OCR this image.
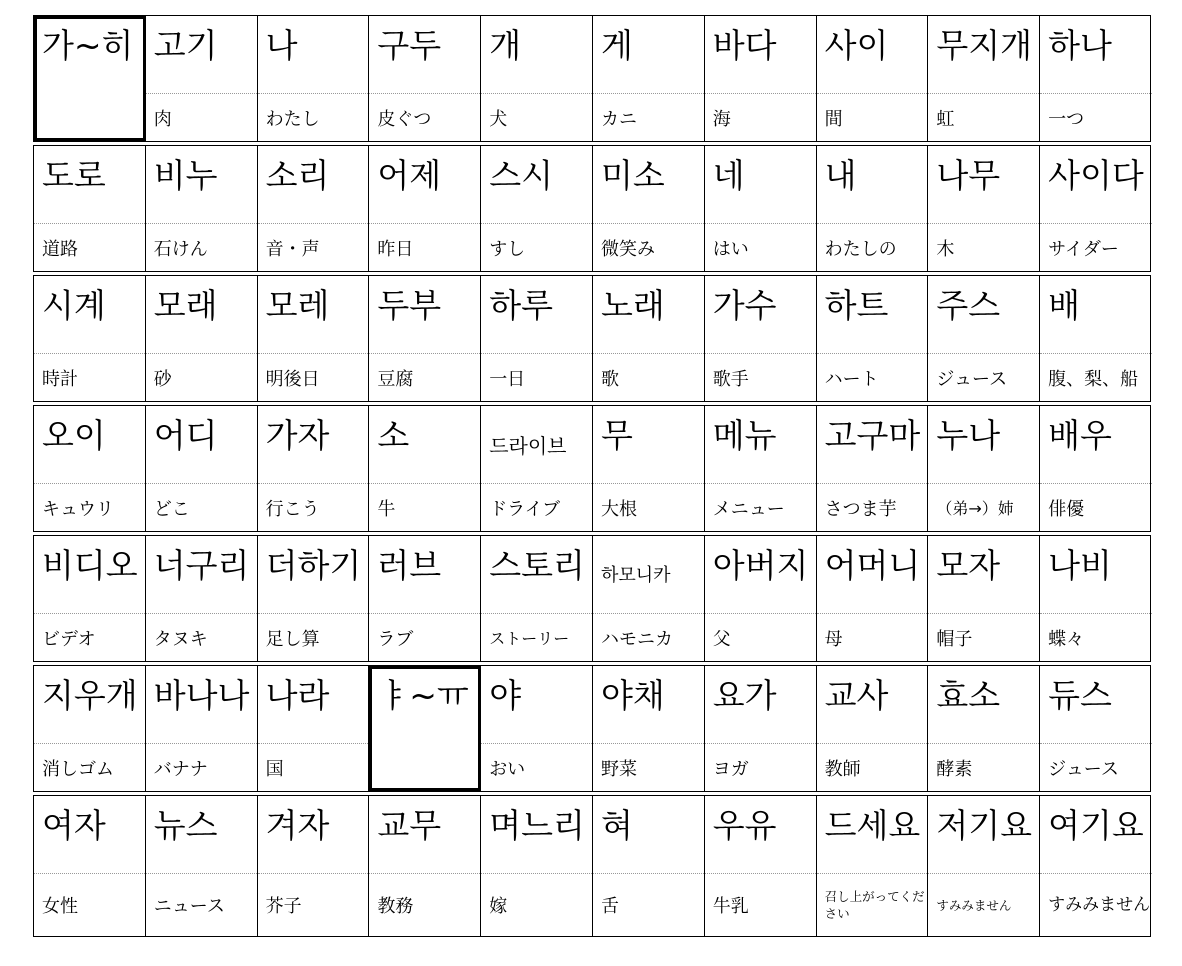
가~히 고기
肉
나
わたし
구두
皮ぐつ
개
犬
게
カニ
바다
海
사이
間
무지개
虹
하나
一つ
도로
道路
비누
石けん
소리
音・声
어제
昨日
스시
すし
미소
微笑み
네
はい
내
わたしの
나무
木
사이다
サイダー
시계
時計
모래
砂
모레
明後日
두부
豆腐
하루
一日
노래
歌
가수
歌手
하트
ハート
주스
ジュース
배
腹、梨、船
오이
キュウリ
어디
どこ
가자
行こう
소
牛
드라이브
ドライブ
무
大根
메뉴
メニュー
고구마
さつま芋
누나
（弟→）姉
배우
俳優
비디오
ビデオ
너구리
タヌキ
더하기
足し算
러브
ラブ
스토리
ストーリー
하모니카
ハモニカ
아버지
父
어머니
母
모자
帽子
나비
蝶々
지우개
消しゴム
바나나
バナナ
나라
国
ㅑ~ㅠ 야
おい
야채
野菜
요가
ヨガ
교사
教師
효소
酵素
듀스
ジュース
여자
女性
뉴스
ニュース
겨자
芥子
교무
教務
며느리
嫁
혀
舌
우유
牛乳
드세요
召し上がってください
저기요
すみみません
여기요
すみみません
